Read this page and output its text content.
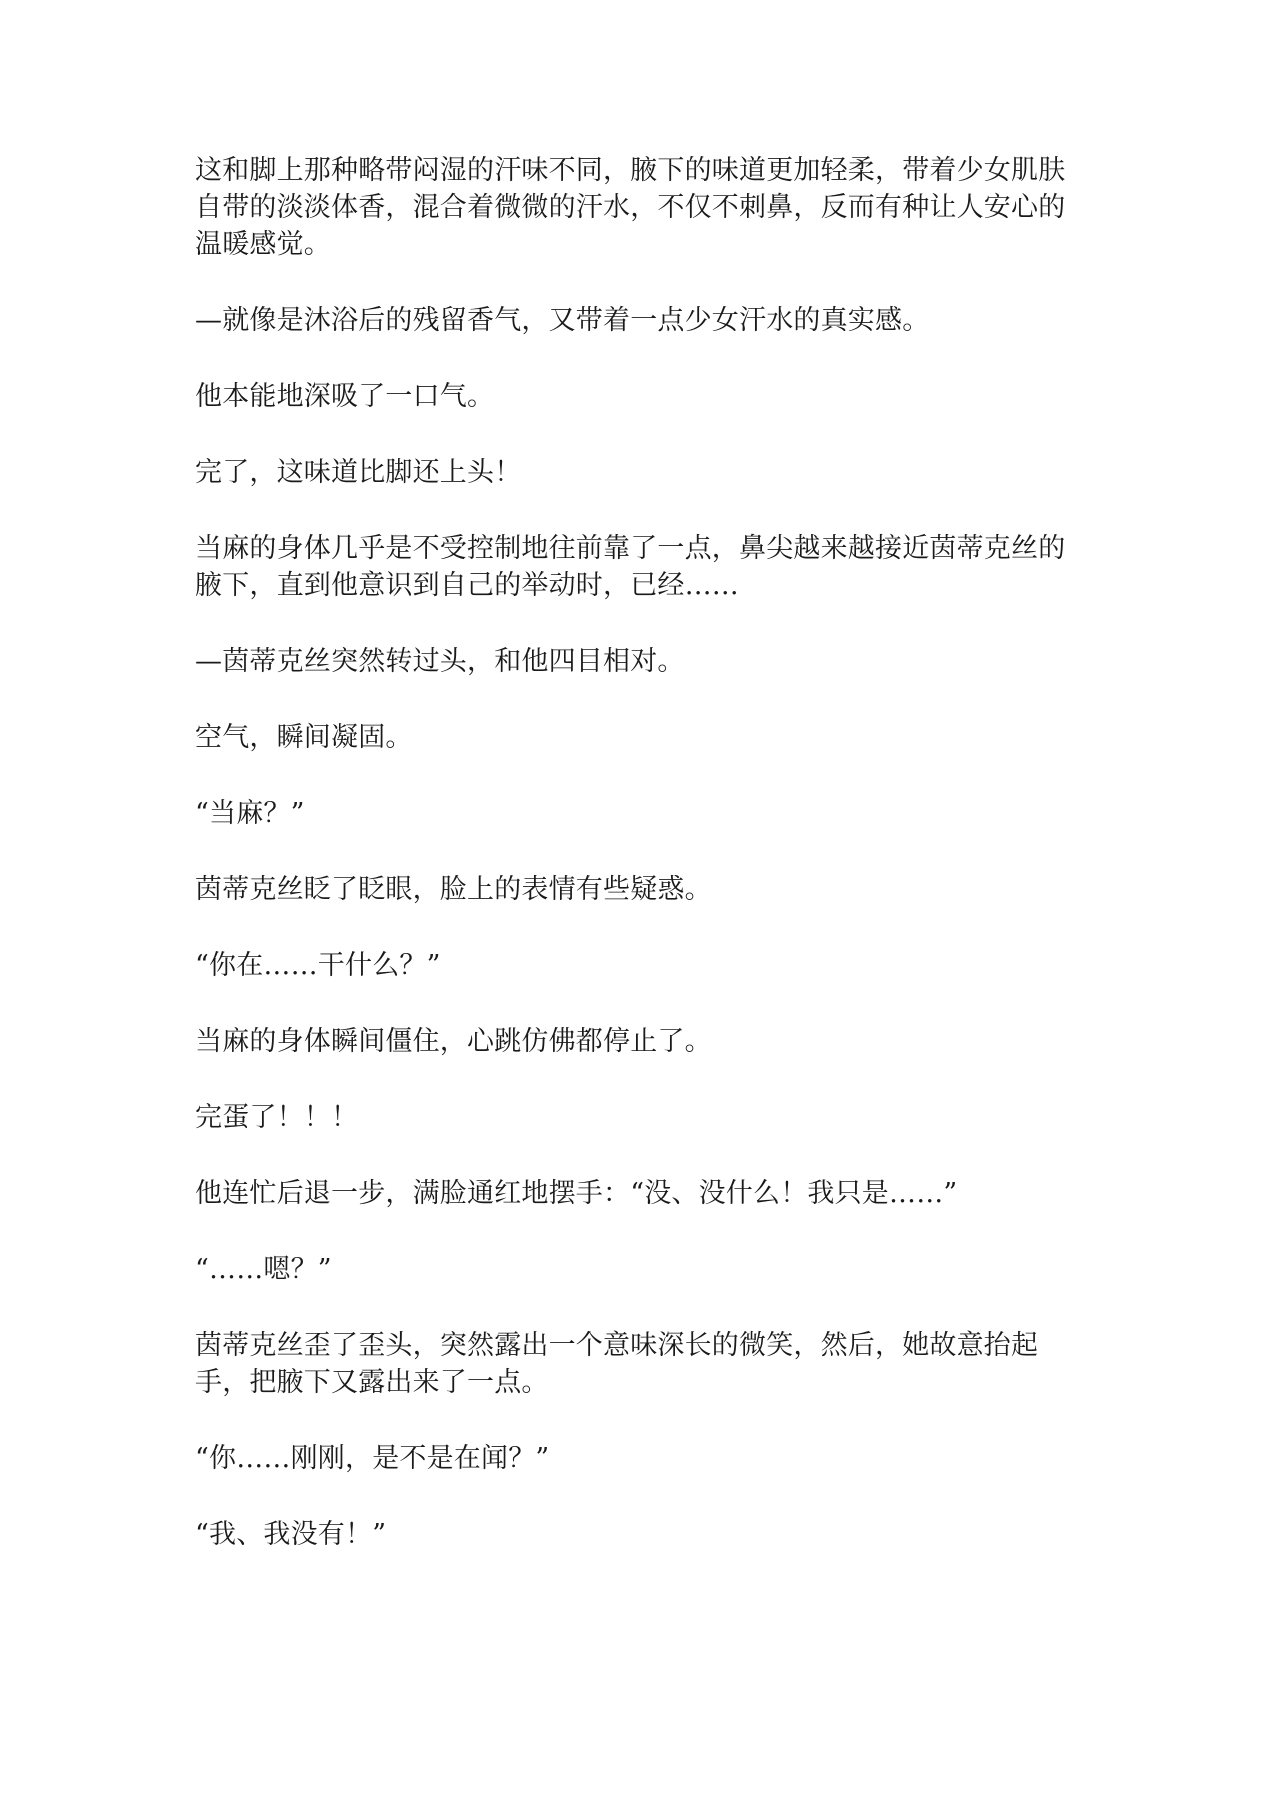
这和脚上那种略带闷湿的汗味不同，腋下的味道更加轻柔，带着少女肌肤自带的淡淡体香，混合着微微的汗水，不仅不刺鼻，反而有种让人安心的温暖感觉。

—就像是沐浴后的残留香气，又带着一点少女汗水的真实感。

他本能地深吸了一口气。

完了，这味道比脚还上头！

当麻的身体几乎是不受控制地往前靠了一点，鼻尖越来越接近茵蒂克丝的腋下，直到他意识到自己的举动时，已经……

—茵蒂克丝突然转过头，和他四目相对。

空气，瞬间凝固。

“当麻？”

茵蒂克丝眨了眨眼，脸上的表情有些疑惑。

“你在……干什么？”

当麻的身体瞬间僵住，心跳仿佛都停止了。

完蛋了！！！

他连忙后退一步，满脸通红地摆手：“没、没什么！我只是……”

“……嗯？”

茵蒂克丝歪了歪头，突然露出一个意味深长的微笑，然后，她故意抬起手，把腋下又露出来了一点。

“你……刚刚，是不是在闻？”

“我、我没有！”
